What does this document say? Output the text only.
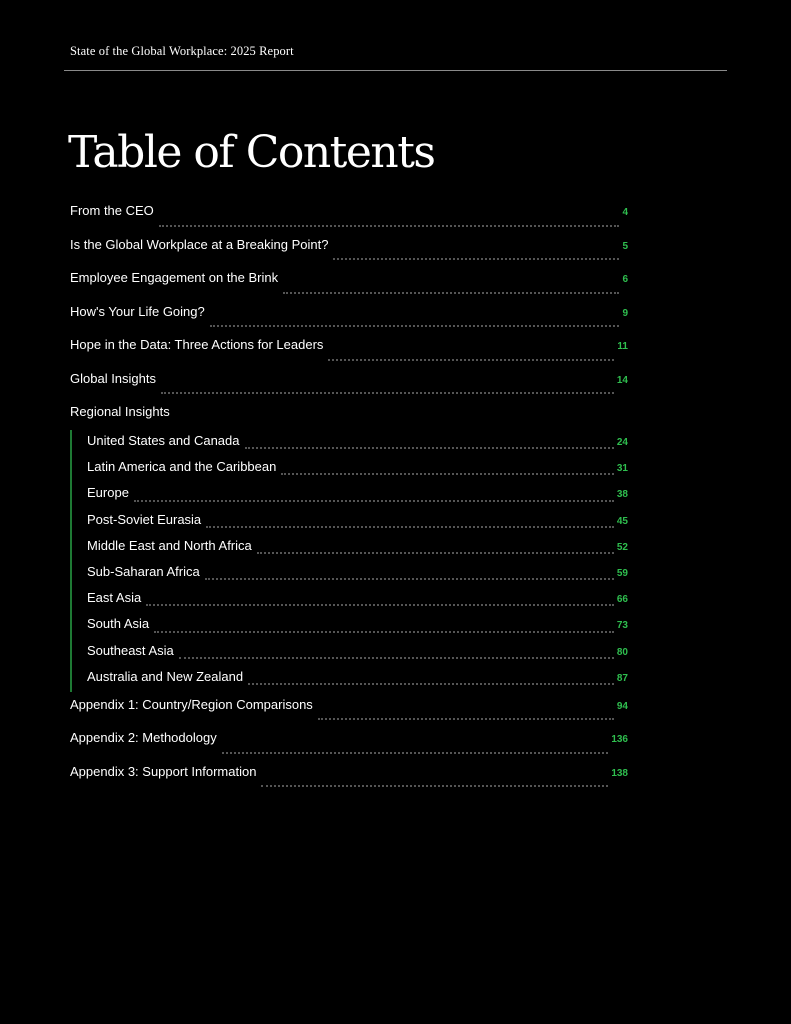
State of the Global Workplace: 2025 Report
Table of Contents
From the CEO	4
Is the Global Workplace at a Breaking Point?	5
Employee Engagement on the Brink	6
How's Your Life Going?	9
Hope in the Data: Three Actions for Leaders	11
Global Insights	14
Regional Insights
United States and Canada	24
Latin America and the Caribbean	31
Europe	38
Post-Soviet Eurasia	45
Middle East and North Africa	52
Sub-Saharan Africa	59
East Asia	66
South Asia	73
Southeast Asia	80
Australia and New Zealand	87
Appendix 1: Country/Region Comparisons	94
Appendix 2: Methodology	136
Appendix 3: Support Information	138
